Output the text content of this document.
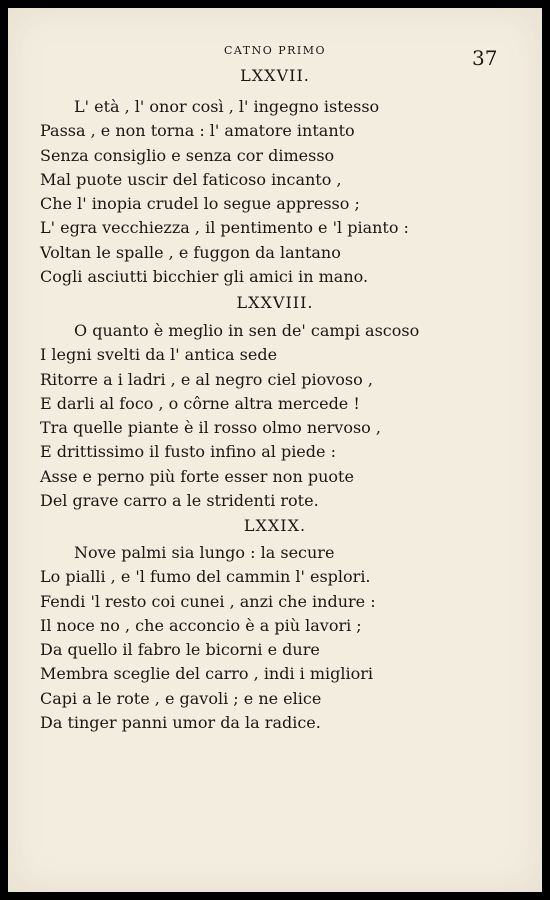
CATNO PRIMO	37
LXXVII.
L' età , l' onor così , l' ingegno istesso
Passa , e non torna : l' amatore intanto
Senza consiglio e senza cor dimesso
Mal puote uscir del faticoso incanto ,
Che l' inopia crudel lo segue appresso ;
L' egra vecchiezza , il pentimento e 'l pianto :
Voltan le spalle , e fuggon da lantano
Cogli asciutti bicchier gli amici in mano.
LXXVIII.
O quanto è meglio in sen de' campi ascoso
I legni svelti da l' antica sede
Ritorre a i ladri , e al negro ciel piovoso ,
E darli al foco , o côrne altra mercede !
Tra quelle piante è il rosso olmo nervoso ,
E drittissimo il fusto infino al piede :
Asse e perno più forte esser non puote
Del grave carro a le stridenti rote.
LXXIX.
Nove palmi sia lungo : la secure
Lo pialli , e 'l fumo del cammin l' esplori.
Fendi 'l resto coi cunei , anzi che indure :
Il noce no , che acconcio è a più lavori ;
Da quello il fabro le bicorni e dure
Membra sceglie del carro , indi i migliori
Capi a le rote , e gavoli ; e ne elice
Da tinger panni umor da la radice.
